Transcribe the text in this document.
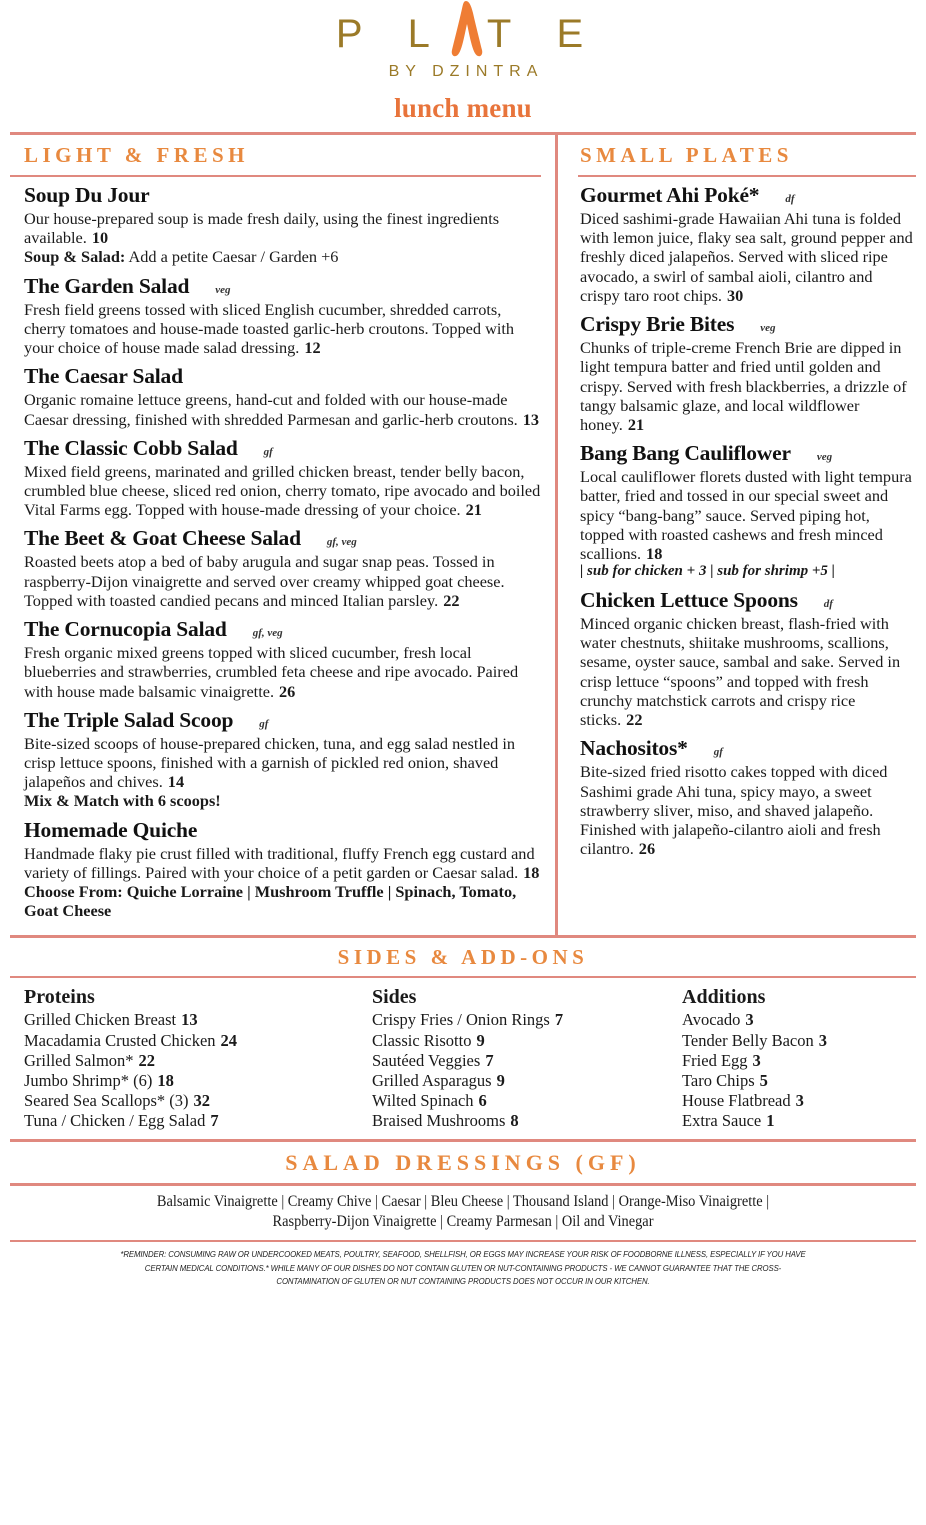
P L T E
BY DZINTRA
lunch menu
LIGHT & FRESH
Soup Du Jour
Our house-prepared soup is made fresh daily, using the finest ingredients available. 10
Soup & Salad: Add a petite Caesar / Garden +6
The Garden Salad veg
Fresh field greens tossed with sliced English cucumber, shredded carrots, cherry tomatoes and house-made toasted garlic-herb croutons. Topped with your choice of house made salad dressing. 12
The Caesar Salad
Organic romaine lettuce greens, hand-cut and folded with our house-made Caesar dressing, finished with shredded Parmesan and garlic-herb croutons. 13
The Classic Cobb Salad gf
Mixed field greens, marinated and grilled chicken breast, tender belly bacon, crumbled blue cheese, sliced red onion, cherry tomato, ripe avocado and boiled Vital Farms egg. Topped with house-made dressing of your choice. 21
The Beet & Goat Cheese Salad gf, veg
Roasted beets atop a bed of baby arugula and sugar snap peas. Tossed in raspberry-Dijon vinaigrette and served over creamy whipped goat cheese. Topped with toasted candied pecans and minced Italian parsley. 22
The Cornucopia Salad gf, veg
Fresh organic mixed greens topped with sliced cucumber, fresh local blueberries and strawberries, crumbled feta cheese and ripe avocado. Paired with house made balsamic vinaigrette. 26
The Triple Salad Scoop gf
Bite-sized scoops of house-prepared chicken, tuna, and egg salad nestled in crisp lettuce spoons, finished with a garnish of pickled red onion, shaved jalapeños and chives. 14
Mix & Match with 6 scoops!
Homemade Quiche
Handmade flaky pie crust filled with traditional, fluffy French egg custard and variety of fillings. Paired with your choice of a petit garden or Caesar salad. 18
Choose From: Quiche Lorraine | Mushroom Truffle | Spinach, Tomato, Goat Cheese
SMALL PLATES
Gourmet Ahi Poké* df
Diced sashimi-grade Hawaiian Ahi tuna is folded with lemon juice, flaky sea salt, ground pepper and freshly diced jalapeños. Served with sliced ripe avocado, a swirl of sambal aioli, cilantro and crispy taro root chips. 30
Crispy Brie Bites veg
Chunks of triple-creme French Brie are dipped in light tempura batter and fried until golden and crispy. Served with fresh blackberries, a drizzle of tangy balsamic glaze, and local wildflower honey. 21
Bang Bang Cauliflower veg
Local cauliflower florets dusted with light tempura batter, fried and tossed in our special sweet and spicy “bang-bang” sauce. Served piping hot, topped with roasted cashews and fresh minced scallions. 18
| sub for chicken + 3 | sub for shrimp +5 |
Chicken Lettuce Spoons df
Minced organic chicken breast, flash-fried with water chestnuts, shiitake mushrooms, scallions, sesame, oyster sauce, sambal and sake. Served in crisp lettuce “spoons” and topped with fresh crunchy matchstick carrots and crispy rice sticks. 22
Nachositos* gf
Bite-sized fried risotto cakes topped with diced Sashimi grade Ahi tuna, spicy mayo, a sweet strawberry sliver, miso, and shaved jalapeño. Finished with jalapeño-cilantro aioli and fresh cilantro. 26
SIDES & ADD-ONS
Proteins
Grilled Chicken Breast 13
Macadamia Crusted Chicken 24
Grilled Salmon* 22
Jumbo Shrimp* (6) 18
Seared Sea Scallops* (3) 32
Tuna / Chicken / Egg Salad 7
Sides
Crispy Fries / Onion Rings 7
Classic Risotto 9
Sautéed Veggies 7
Grilled Asparagus 9
Wilted Spinach 6
Braised Mushrooms 8
Additions
Avocado 3
Tender Belly Bacon 3
Fried Egg 3
Taro Chips 5
House Flatbread 3
Extra Sauce 1
SALAD DRESSINGS (GF)
Balsamic Vinaigrette | Creamy Chive | Caesar | Bleu Cheese | Thousand Island | Orange-Miso Vinaigrette |
Raspberry-Dijon Vinaigrette | Creamy Parmesan | Oil and Vinegar
*REMINDER: CONSUMING RAW OR UNDERCOOKED MEATS, POULTRY, SEAFOOD, SHELLFISH, OR EGGS MAY INCREASE YOUR RISK OF FOODBORNE ILLNESS, ESPECIALLY IF YOU HAVE
CERTAIN MEDICAL CONDITIONS.* WHILE MANY OF OUR DISHES DO NOT CONTAIN GLUTEN OR NUT-CONTAINING PRODUCTS - WE CANNOT GUARANTEE THAT THE CROSS-
CONTAMINATION OF GLUTEN OR NUT CONTAINING PRODUCTS DOES NOT OCCUR IN OUR KITCHEN.
